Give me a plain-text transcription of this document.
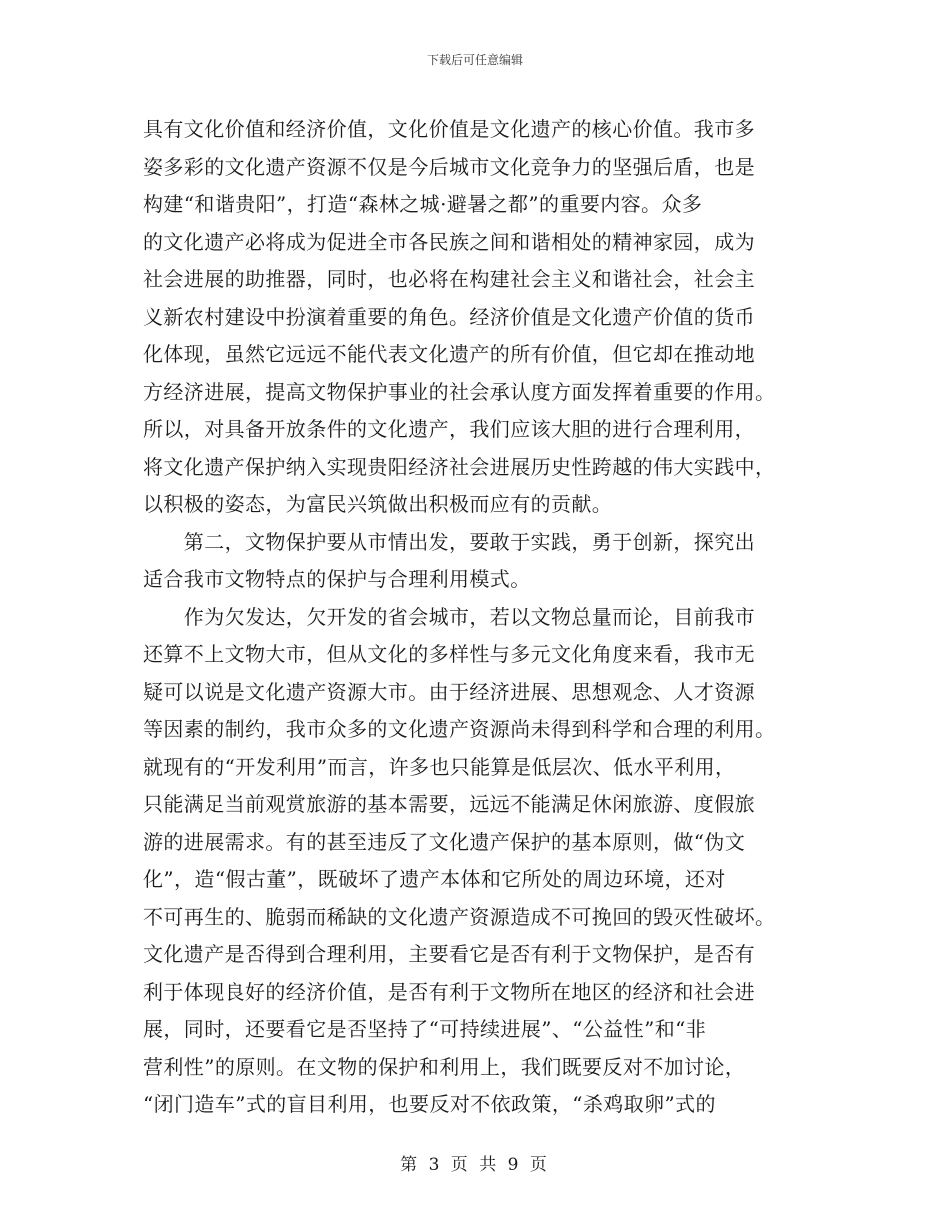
下载后可任意编辑
具有文化价值和经济价值，文化价值是文化遗产的核心价值。我市多
姿多彩的文化遗产资源不仅是今后城市文化竞争力的坚强后盾，也是
构建“和谐贵阳”，打造“森林之城·避暑之都”的重要内容。众多
的文化遗产必将成为促进全市各民族之间和谐相处的精神家园，成为
社会进展的助推器，同时，也必将在构建社会主义和谐社会，社会主
义新农村建设中扮演着重要的角色。经济价值是文化遗产价值的货币
化体现，虽然它远远不能代表文化遗产的所有价值，但它却在推动地
方经济进展，提高文物保护事业的社会承认度方面发挥着重要的作用。
所以，对具备开放条件的文化遗产，我们应该大胆的进行合理利用，
将文化遗产保护纳入实现贵阳经济社会进展历史性跨越的伟大实践中，
以积极的姿态，为富民兴筑做出积极而应有的贡献。
　　第二，文物保护要从市情出发，要敢于实践，勇于创新，探究出
适合我市文物特点的保护与合理利用模式。
　　作为欠发达，欠开发的省会城市，若以文物总量而论，目前我市
还算不上文物大市，但从文化的多样性与多元文化角度来看，我市无
疑可以说是文化遗产资源大市。由于经济进展、思想观念、人才资源
等因素的制约，我市众多的文化遗产资源尚未得到科学和合理的利用。
就现有的“开发利用”而言，许多也只能算是低层次、低水平利用，
只能满足当前观赏旅游的基本需要，远远不能满足休闲旅游、度假旅
游的进展需求。有的甚至违反了文化遗产保护的基本原则，做“伪文
化”，造“假古董”，既破坏了遗产本体和它所处的周边环境，还对
不可再生的、脆弱而稀缺的文化遗产资源造成不可挽回的毁灭性破坏。
文化遗产是否得到合理利用，主要看它是否有利于文物保护，是否有
利于体现良好的经济价值，是否有利于文物所在地区的经济和社会进
展，同时，还要看它是否坚持了“可持续进展”、“公益性”和“非
营利性”的原则。在文物的保护和利用上，我们既要反对不加讨论，
“闭门造车”式的盲目利用，也要反对不依政策，“杀鸡取卵”式的
第 3 页 共 9 页
